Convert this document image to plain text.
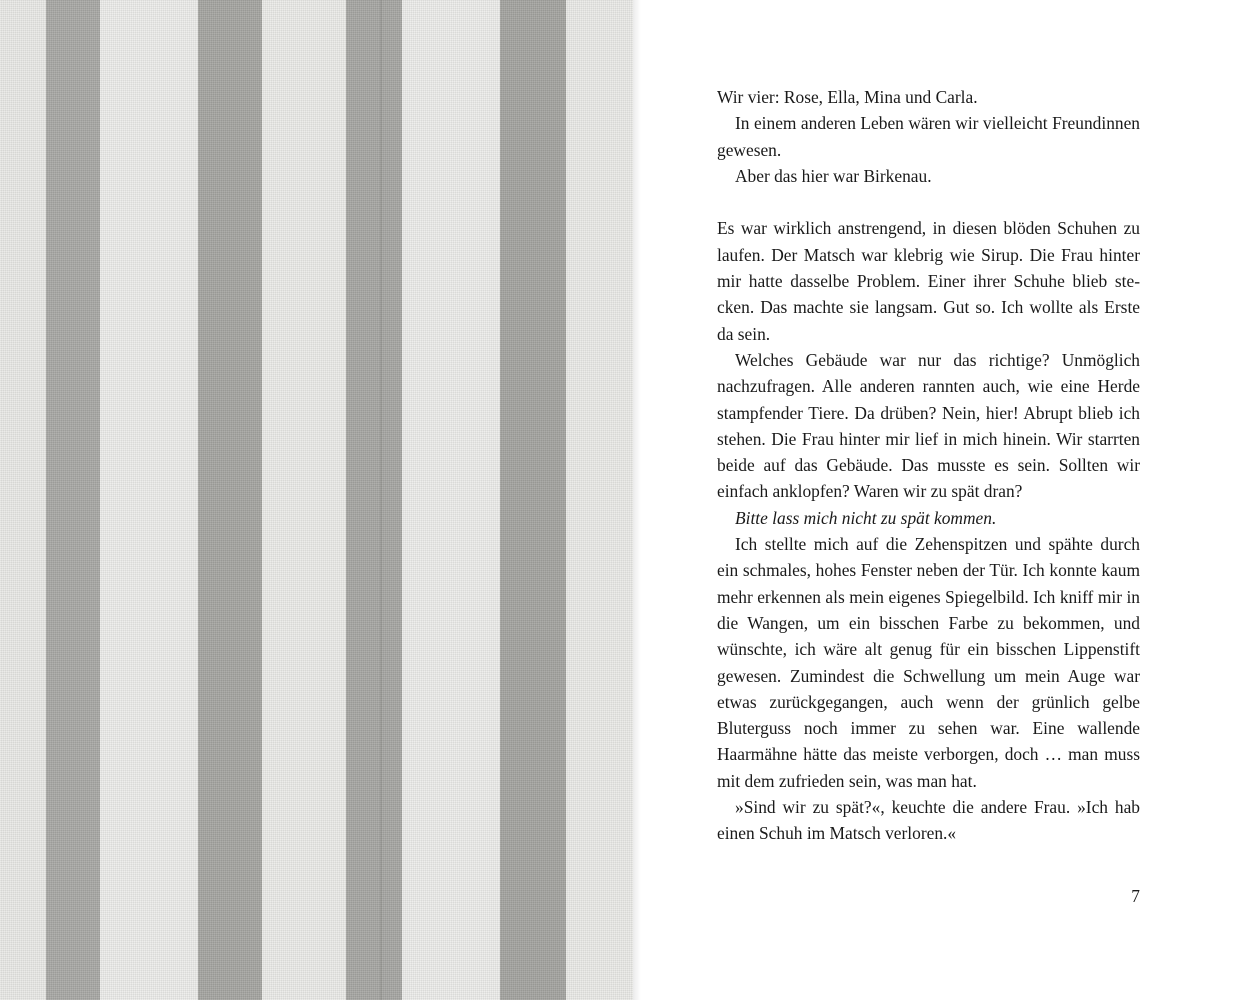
Wir vier: Rose, Ella, Mina und Carla.

In einem anderen Leben wären wir vielleicht Freundinnen gewesen.

Aber das hier war Birkenau.

Es war wirklich anstrengend, in diesen blöden Schuhen zu laufen. Der Matsch war klebrig wie Sirup. Die Frau hinter mir hatte dasselbe Problem. Einer ihrer Schuhe blieb stecken. Das machte sie langsam. Gut so. Ich wollte als Erste da sein.

Welches Gebäude war nur das richtige? Unmöglich nachzufragen. Alle anderen rannten auch, wie eine Herde stampfender Tiere. Da drüben? Nein, hier! Abrupt blieb ich stehen. Die Frau hinter mir lief in mich hinein. Wir starrten beide auf das Gebäude. Das musste es sein. Sollten wir einfach anklopfen? Waren wir zu spät dran?

Bitte lass mich nicht zu spät kommen.

Ich stellte mich auf die Zehenspitzen und spähte durch ein schmales, hohes Fenster neben der Tür. Ich konnte kaum mehr erkennen als mein eigenes Spiegelbild. Ich kniff mir in die Wangen, um ein bisschen Farbe zu bekommen, und wünschte, ich wäre alt genug für ein bisschen Lippenstift gewesen. Zumindest die Schwellung um mein Auge war etwas zurückgegangen, auch wenn der grünlich gelbe Bluterguss noch immer zu sehen war. Eine wallende Haarmähne hätte das meiste verborgen, doch … man muss mit dem zufrieden sein, was man hat.

»Sind wir zu spät?«, keuchte die andere Frau. »Ich hab einen Schuh im Matsch verloren.«

7
